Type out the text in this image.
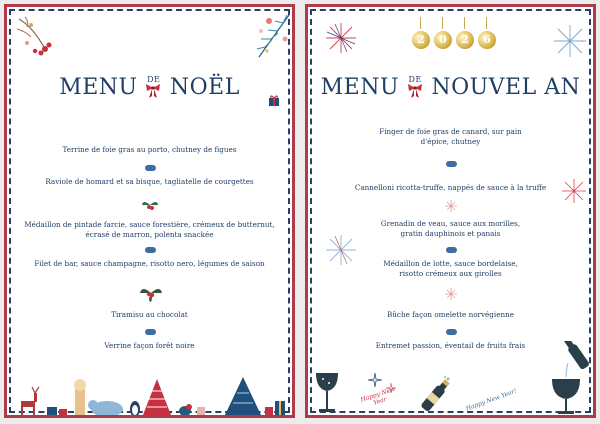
MENU DE NOËL
Terrine de foie gras au porto, chutney de figues
Raviole de homard et sa bisque, tagliatelle de courgettes
Médaillon de pintade farcie, sauce forestière, crémeux de butternut, écrasé de marron, polenta snackée
Filet de bar, sauce champagne, risotto nero, légumes de saison
Tiramisu au chocolat
Verrine façon forêt noire
2	0	2	6
MENU DE NOUVEL AN
Finger de foie gras de canard, sur pain d'épice, chutney
Cannelloni ricotta-truffe, nappés de sauce à la truffe
Grenadin de veau, sauce aux morilles, gratin dauphinois et panais
Médaillon de lotte, sauce bordelaise, risotto crémeux aux girolles
Bûche façon omelette norvégienne
Entremet passion, éventail de fruits frais
Happy New Year	Happy New Year!
